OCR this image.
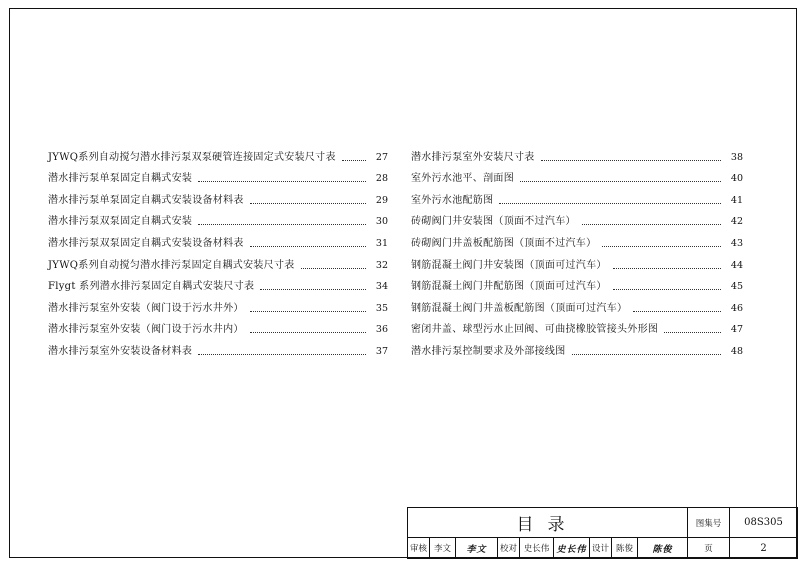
JYWQ系列自动搅匀潜水排污泵双泵硬管连接固定式安装尺寸表	27
潜水排污泵单泵固定自耦式安装	28
潜水排污泵单泵固定自耦式安装设备材料表	29
潜水排污泵双泵固定自耦式安装	30
潜水排污泵双泵固定自耦式安装设备材料表	31
JYWQ系列自动搅匀潜水排污泵固定自耦式安装尺寸表	32
Flygt 系列潜水排污泵固定自耦式安装尺寸表	34
潜水排污泵室外安装（阀门设于污水井外）	35
潜水排污泵室外安装（阀门设于污水井内）	36
潜水排污泵室外安装设备材料表	37
潜水排污泵室外安装尺寸表	38
室外污水池平、剖面图	40
室外污水池配筋图	41
砖砌阀门井安装图（顶面不过汽车）	42
砖砌阀门井盖板配筋图（顶面不过汽车）	43
钢筋混凝土阀门井安装图（顶面可过汽车）	44
钢筋混凝土阀门井配筋图（顶面可过汽车）	45
钢筋混凝土阀门井盖板配筋图（顶面可过汽车）	46
密闭井盖、球型污水止回阀、可曲挠橡胶管接头外形图	47
潜水排污泵控制要求及外部接线图	48
目录									图集号	08S305
审核	李文	李文	校对	史长伟	史长伟	设计	陈俊	陈俊	页	2
